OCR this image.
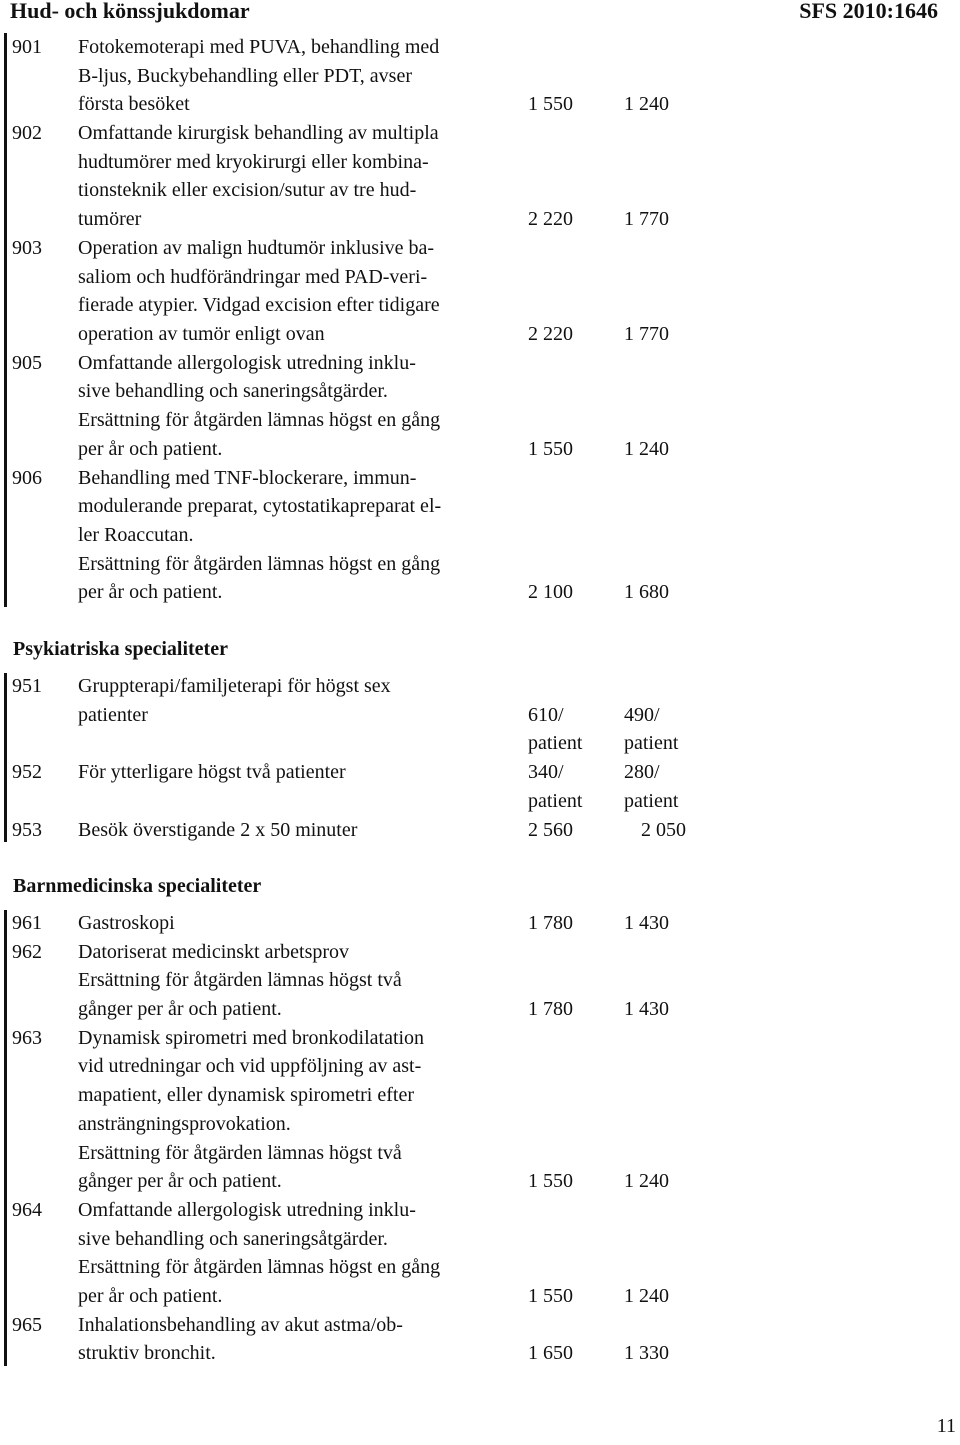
Hud- och könssjukdomar	SFS 2010:1646
901 Fotokemoterapi med PUVA, behandling med
B-ljus, Buckybehandling eller PDT, avser
första besöket	1 550	1 240
902 Omfattande kirurgisk behandling av multipla
hudtumörer med kryokirurgi eller kombina-
tionsteknik eller excision/sutur av tre hud-
tumörer	2 220	1 770
903 Operation av malign hudtumör inklusive ba-
saliom och hudförändringar med PAD-veri-
fierade atypier. Vidgad excision efter tidigare
operation av tumör enligt ovan	2 220	1 770
905 Omfattande allergologisk utredning inklu-
sive behandling och saneringsåtgärder.
Ersättning för åtgärden lämnas högst en gång
per år och patient.	1 550	1 240
906 Behandling med TNF-blockerare, immun-
modulerande preparat, cytostatikapreparat el-
ler Roaccutan.
Ersättning för åtgärden lämnas högst en gång
per år och patient.	2 100	1 680
Psykiatriska specialiteter
951 Gruppterapi/familjeterapi för högst sex
patienter	610/	490/
patient patient
952 För ytterligare högst två patienter	340/	280/
patient patient
953 Besök överstigande 2 x 50 minuter	2 560	2 050
Barnmedicinska specialiteter
961 Gastroskopi	1 780	1 430
962 Datoriserat medicinskt arbetsprov
Ersättning för åtgärden lämnas högst två
gånger per år och patient.	1 780	1 430
963 Dynamisk spirometri med bronkodilatation
vid utredningar och vid uppföljning av ast-
mapatient, eller dynamisk spirometri efter
ansträngningsprovokation.
Ersättning för åtgärden lämnas högst två
gånger per år och patient.	1 550	1 240
964 Omfattande allergologisk utredning inklu-
sive behandling och saneringsåtgärder.
Ersättning för åtgärden lämnas högst en gång
per år och patient.	1 550	1 240
965 Inhalationsbehandling av akut astma/ob-
struktiv bronchit.	1 650	1 330
11
